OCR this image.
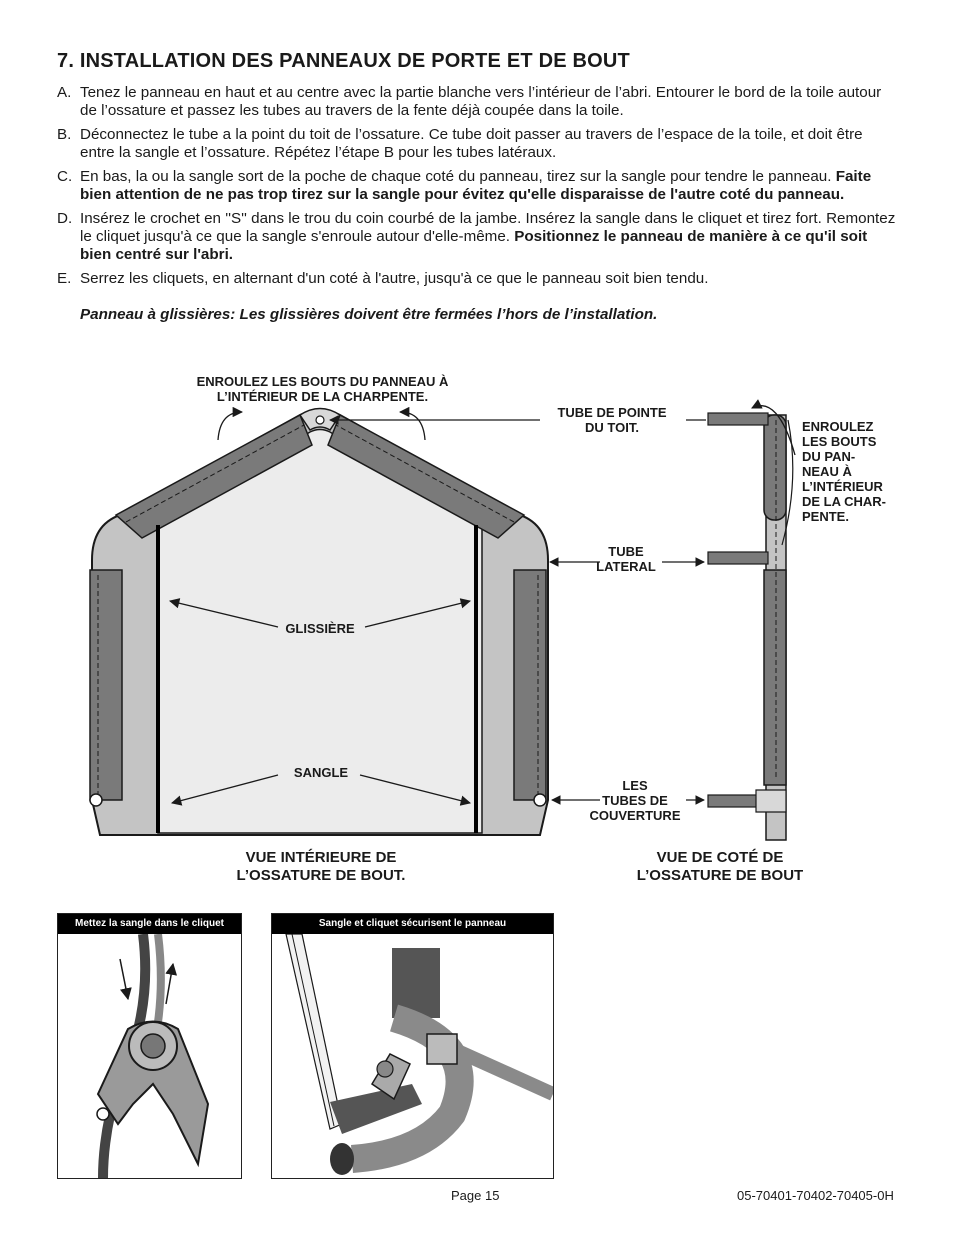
7. INSTALLATION DES PANNEAUX DE PORTE ET DE BOUT

A. Tenez le panneau en haut et au centre avec la partie blanche vers l’intérieur de l’abri. Entourer le bord de la toile autour de l’ossature et passez les tubes au travers de la fente déjà coupée dans la toile.

B. Déconnectez le tube a la point du toit de l’ossature. Ce tube doit passer au travers de l’espace de la toile, et doit être entre la sangle et l’ossature. Répétez l’étape B pour les tubes latéraux.

C. En bas, la ou la sangle sort de la poche de chaque coté du panneau, tirez sur la sangle pour tendre le panneau. Faite bien attention de ne pas trop tirez sur la sangle pour évitez qu'elle disparaisse de l'autre coté du panneau.

D. Insérez le crochet en ''S'' dans le trou du coin courbé de la jambe. Insérez la sangle dans le cliquet et tirez fort. Remontez le cliquet jusqu'à ce que la sangle s'enroule autour d'elle-même. Positionnez le panneau de manière à ce qu'il soit bien centré sur l'abri.

E. Serrez les cliquets, en alternant d'un coté à l'autre, jusqu'à ce que le panneau soit bien tendu.

Panneau à glissières: Les glissières doivent être fermées l’hors de l’installation.
ENROULEZ LES BOUTS DU PANNEAU À
L’INTÉRIEUR DE LA CHARPENTE.
TUBE DE POINTE
DU TOIT.	ENROULEZ
LES BOUTS
DU PAN-
NEAU À
L’INTÉRIEUR
DE LA CHAR-
PENTE.
TUBE
LATERAL
GLISSIÈRE
SANGLE
LES
TUBES DE
COUVERTURE
VUE INTÉRIEURE DE
L’OSSATURE DE BOUT.
VUE DE COTÉ DE
L’OSSATURE DE BOUT
Mettez la sangle dans le cliquet	Sangle et cliquet sécurisent le panneau
Page 15	05-70401-70402-70405-0H
